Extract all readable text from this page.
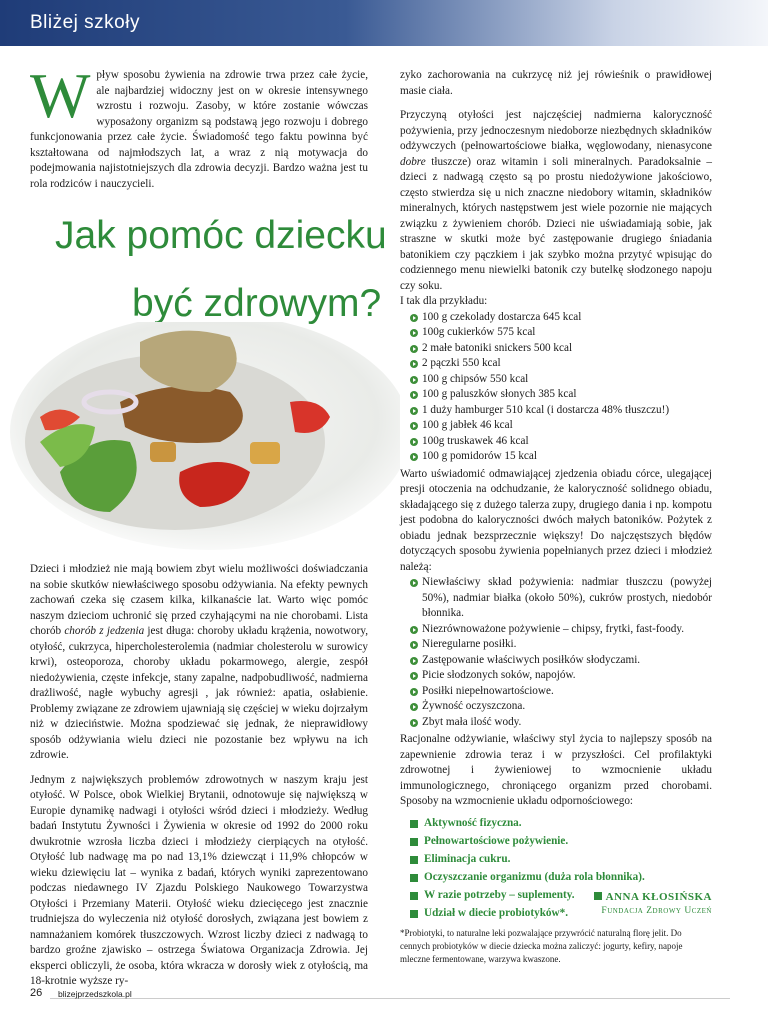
Bliżej szkoły
W pływ sposobu żywienia na zdrowie trwa przez całe życie, ale najbardziej widoczny jest on w okresie intensywnego wzrostu i rozwoju. Zasoby, w które zostanie wówczas wyposażony organizm są podstawą jego rozwoju i dobrego funkcjonowania przez całe życie. Świadomość tego faktu powinna być kształtowana od najmłodszych lat, a wraz z nią motywacja do podejmowania najistotniejszych dla zdrowia decyzji. Bardzo ważna jest tu rola rodziców i nauczycieli.
Jak pomóc dziecku
być zdrowym?

Dzieci i młodzież nie mają bowiem zbyt wielu możliwości doświadczania na sobie skutków niewłaściwego sposobu odżywiania. Na efekty pewnych zachowań czeka się czasem kilka, kilkanaście lat. Warto więc pomóc naszym dzieciom uchronić się przed czyhającymi na nie chorobami. Lista chorób chorób z jedzenia jest długa: choroby układu krążenia, nowotwory, otyłość, cukrzyca, hipercholesterolemia (nadmiar cholesterolu w surowicy krwi), osteoporoza, choroby układu pokarmowego, alergie, zespół niedożywienia, częste infekcje, stany zapalne, nadpobudliwość, nadmierna drażliwość, nagłe wybuchy agresji , jak również: apatia, osłabienie. Problemy związane ze zdrowiem ujawniają się częściej w wieku dojrzałym niż w dzieciństwie. Można spodziewać się jednak, że nieprawidłowy sposób odżywiania wielu dzieci nie pozostanie bez wpływu na ich zdrowie.

Jednym z największych problemów zdrowotnych w naszym kraju jest otyłość. W Polsce, obok Wielkiej Brytanii, odnotowuje się największą w Europie dynamikę nadwagi i otyłości wśród dzieci i młodzieży. Według badań Instytutu Żywności i Żywienia w okresie od 1992 do 2000 roku dwukrotnie wzrosła liczba dzieci i młodzieży cierpiących na otyłość. Otyłość lub nadwagę ma po nad 13,1% dziewcząt i 11,9% chłopców w wieku dziewięciu lat – wynika z badań, których wyniki zaprezentowano podczas niedawnego IV Zjazdu Polskiego Naukowego Towarzystwa Otyłości i Przemiany Materii. Otyłość wieku dziecięcego jest znacznie trudniejsza do wyleczenia niż otyłość dorosłych, związana jest bowiem z namnażaniem komórek tłuszczowych. Wzrost liczby dzieci z nadwagą to bardzo groźne zjawisko – ostrzega Światowa Organizacja Zdrowia. Jej eksperci obliczyli, że osoba, która wkracza w dorosły wiek z otyłością, ma 18-krotnie wyższe ry-

zyko zachorowania na cukrzycę niż jej rówieśnik o prawidłowej masie ciała.

Przyczyną otyłości jest najczęściej nadmierna kaloryczność pożywienia, przy jednoczesnym niedoborze niezbędnych składników odżywczych (pełnowartościowe białka, węglowodany, nienasycone dobre tłuszcze) oraz witamin i soli mineralnych. Paradoksalnie – dzieci z nadwagą często są po prostu niedożywione jakościowo, często stwierdza się u nich znaczne niedobory witamin, składników mineralnych, których następstwem jest wiele pozornie nie mających związku z żywieniem chorób. Dzieci nie uświadamiają sobie, jak straszne w skutki może być zastępowanie drugiego śniadania batonikiem czy pączkiem i jak szybko można przytyć wpisując do codziennego menu niewielki batonik czy butelkę słodzonego napoju czy soku.

I tak dla przykładu:

100 g czekolady dostarcza 645 kcal
100g cukierków 575 kcal
2 małe batoniki snickers 500 kcal
2 pączki 550 kcal
100 g chipsów 550 kcal
100 g paluszków słonych 385 kcal
1 duży hamburger 510 kcal (i dostarcza 48% tłuszczu!)
100 g jabłek 46 kcal
100g truskawek 46 kcal
100 g pomidorów 15 kcal

Warto uświadomić odmawiającej zjedzenia obiadu córce, ulegającej presji otoczenia na odchudzanie, że kaloryczność solidnego obiadu, składającego się z dużego talerza zupy, drugiego dania i np. kompotu jest podobna do kaloryczności dwóch małych batoników. Pożytek z obiadu jednak bezsprzecznie większy! Do najczęstszych błędów dotyczących sposobu żywienia popełnianych przez dzieci i młodzież należą:

Niewłaściwy skład pożywienia: nadmiar tłuszczu (powyżej 50%), nadmiar białka (około 50%), cukrów prostych, niedobór błonnika.
Niezrównoważone pożywienie – chipsy, frytki, fast-foody.
Nieregularne posiłki.
Zastępowanie właściwych posiłków słodyczami.
Picie słodzonych soków, napojów.
Posiłki niepełnowartościowe.
Żywność oczyszczona.
Zbyt mała ilość wody.

Racjonalne odżywianie, właściwy styl życia to najlepszy sposób na zapewnienie zdrowia teraz i w przyszłości. Cel profilaktyki zdrowotnej i żywieniowej to wzmocnienie układu immunologicznego, chroniącego organizm przed chorobami. Sposoby na wzmocnienie układu odpornościowego:

Aktywność fizyczna.
Pełnowartościowe pożywienie.
Eliminacja cukru.
Oczyszczanie organizmu (duża rola błonnika).
W razie potrzeby – suplementy.
Udział w diecie probiotyków*.
ANNA KŁOSIŃSKA
Fundacja Zdrowy Uczeń
*Probiotyki, to naturalne leki pozwalające przywrócić naturalną florę jelit. Do cennych probiotyków w diecie dziecka można zaliczyć: jogurty, kefiry, napoje mleczne fermentowane, warzywa kwaszone.
26 blizejprzedszkola.pl
